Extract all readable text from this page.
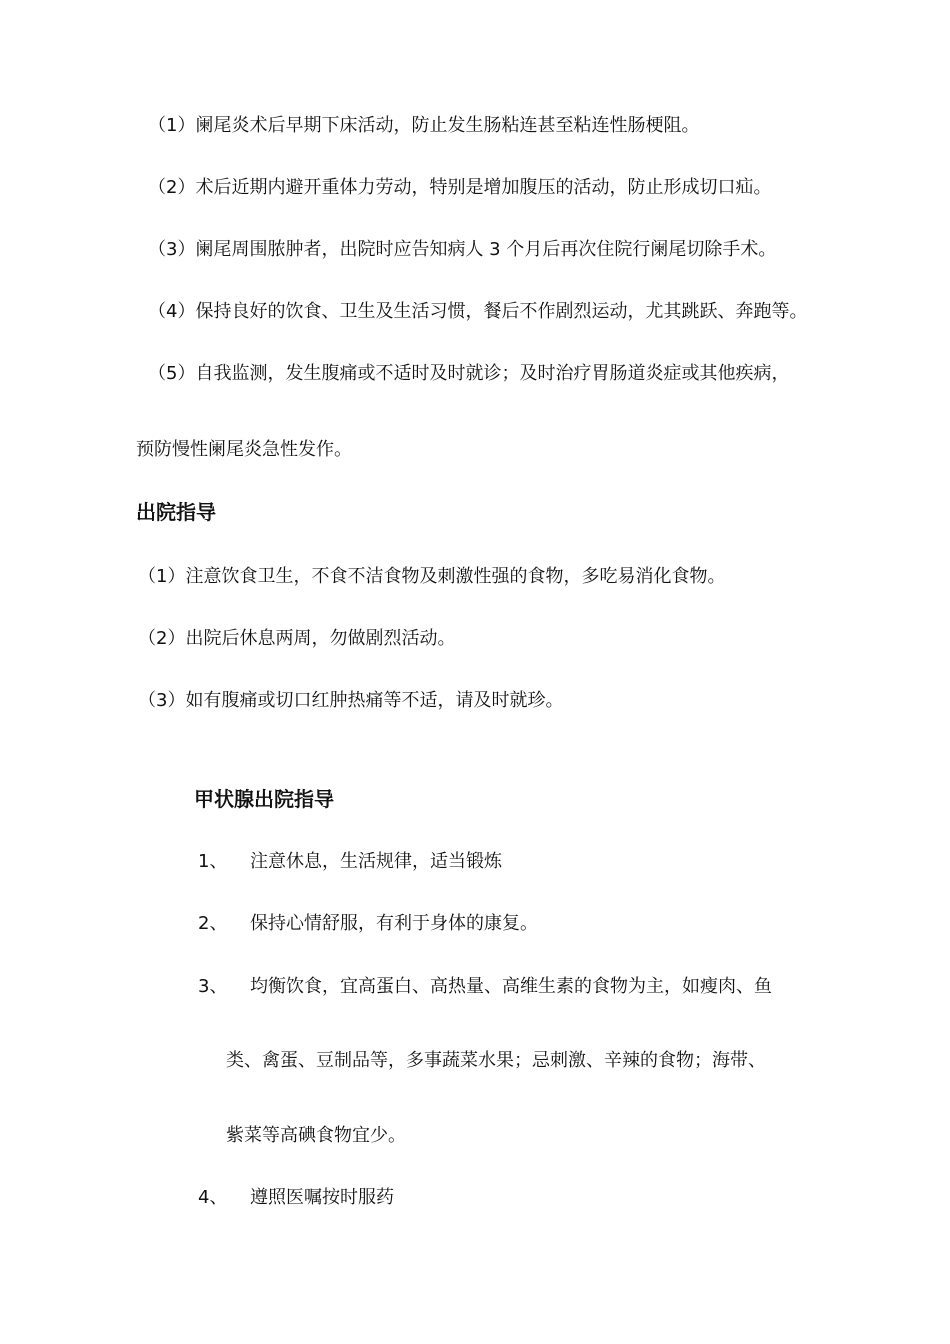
（1）阑尾炎术后早期下床活动，防止发生肠粘连甚至粘连性肠梗阻。
（2）术后近期内避开重体力劳动，特别是增加腹压的活动，防止形成切口疝。
（3）阑尾周围脓肿者，出院时应告知病人 3 个月后再次住院行阑尾切除手术。
（4）保持良好的饮食、卫生及生活习惯，餐后不作剧烈运动，尤其跳跃、奔跑等。
（5）自我监测，发生腹痛或不适时及时就诊；及时治疗胃肠道炎症或其他疾病，
预防慢性阑尾炎急性发作。
出院指导
（1）注意饮食卫生，不食不洁食物及刺激性强的食物，多吃易消化食物。
（2）出院后休息两周，勿做剧烈活动。
（3）如有腹痛或切口红肿热痛等不适，请及时就珍。
甲状腺出院指导
1、 注意休息，生活规律，适当锻炼
2、 保持心情舒服，有利于身体的康复。
3、 均衡饮食，宜高蛋白、高热量、高维生素的食物为主，如瘦肉、鱼
类、禽蛋、豆制品等，多事蔬菜水果；忌刺激、辛辣的食物；海带、
紫菜等高碘食物宜少。
4、 遵照医嘱按时服药
